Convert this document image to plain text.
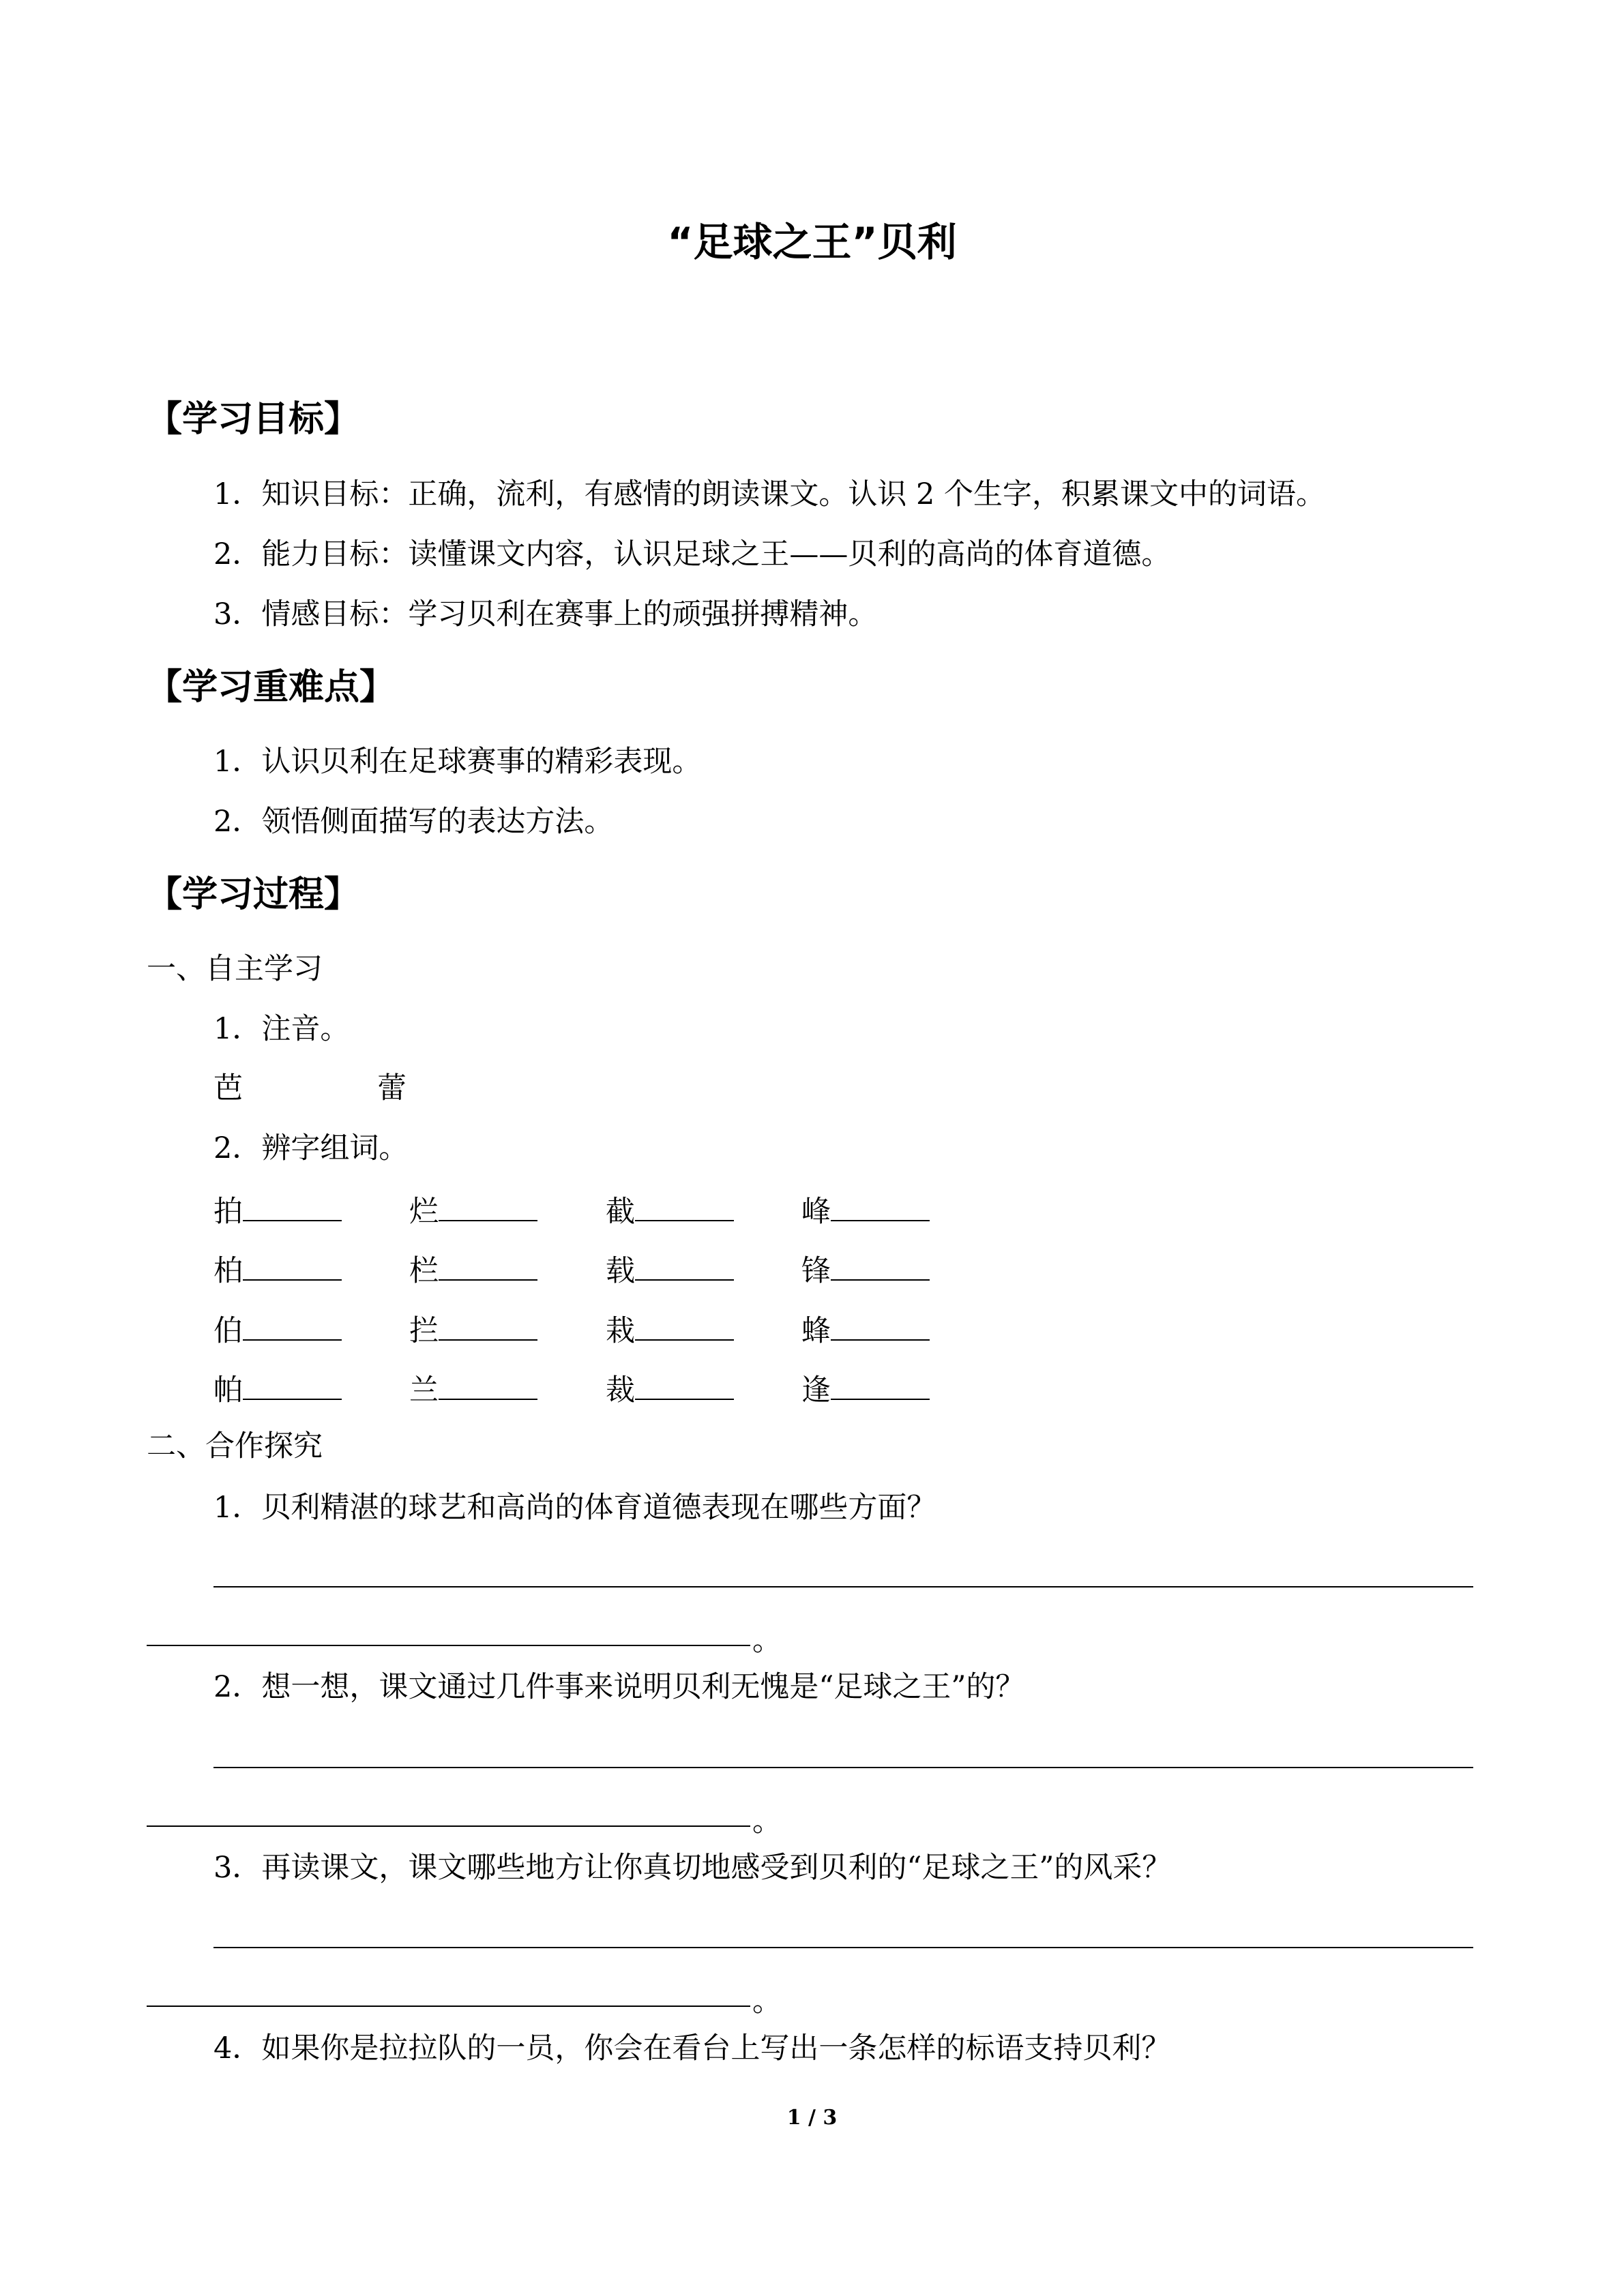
“足球之王”贝利
【学习目标】
1．知识目标：正确，流利，有感情的朗读课文。认识 2 个生字，积累课文中的词语。
2．能力目标：读懂课文内容，认识足球之王——贝利的高尚的体育道德。
3．情感目标：学习贝利在赛事上的顽强拼搏精神。
【学习重难点】
1．认识贝利在足球赛事的精彩表现。
2．领悟侧面描写的表达方法。
【学习过程】
一、自主学习
1．注音。
芭	蕾
2．辨字组词。
拍	烂	截	峰
柏	栏	载	锋
伯	拦	栽	蜂
帕	兰	裁	逢
二、合作探究
1．贝利精湛的球艺和高尚的体育道德表现在哪些方面？
。
2．想一想，课文通过几件事来说明贝利无愧是“足球之王”的？
。
3．再读课文，课文哪些地方让你真切地感受到贝利的“足球之王”的风采？
。
4．如果你是拉拉队的一员，你会在看台上写出一条怎样的标语支持贝利？
1 / 3
